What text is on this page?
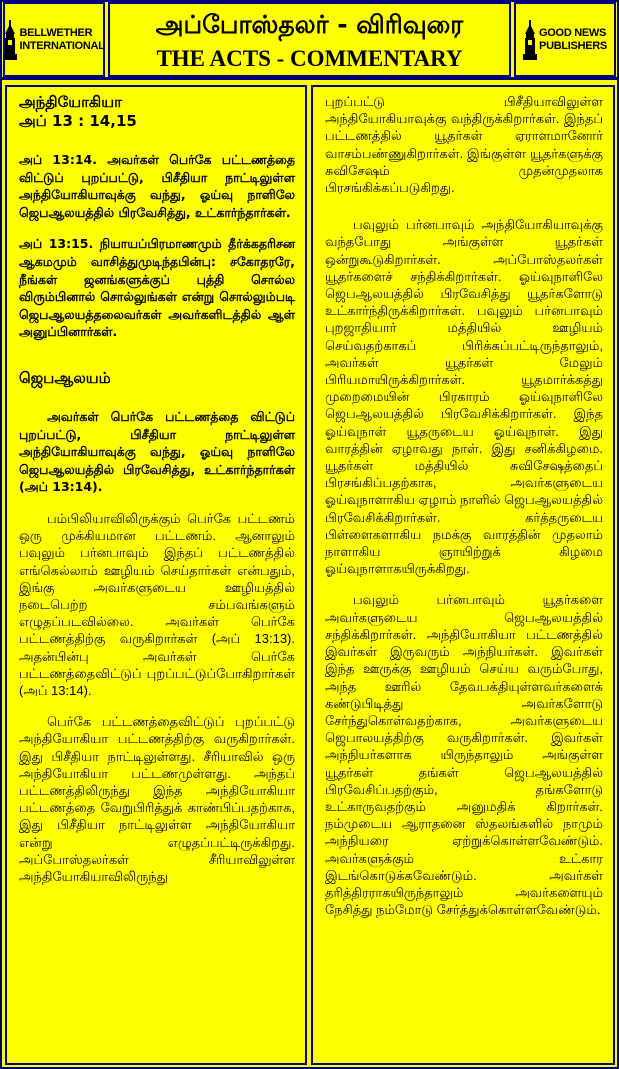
BELLWETHER
INTERNATIONAL
அப்போஸ்தலர் - விரிவுரை
THE ACTS - COMMENTARY
GOOD NEWS
PUBLISHERS
அந்தியோகியா
அப் 13 : 14,15
அப் 13:14. அவர்கள் பெர்கே பட்டணத்தை விட்டுப் புறப்பட்டு, பிசீதியா நாட்டிலுள்ள அந்தியோகியாவுக்கு வந்து, ஓய்வு நாளிலே ஜெபஆலயத்தில் பிரவேசித்து, உட்கார்ந்தார்கள்.
அப் 13:15. நியாயப்பிரமாணமும் தீர்க்கதரிசன ஆகமமும் வாசித்துமுடிந்தபின்பு: சகோதரரே, நீங்கள் ஜனங்களுக்குப் புத்தி சொல்ல விரும்பினால் சொல்லுங்கள் என்று சொல்லும்படி ஜெபஆலயத்தலைவர்கள் அவர்களிடத்தில் ஆள் அனுப்பினார்கள்.
ஜெபஆலயம்
அவர்கள் பெர்கே பட்டணத்தை விட்டுப் புறப்பட்டு, பிசீதியா நாட்டிலுள்ள அந்தியோகியாவுக்கு வந்து, ஓய்வு நாளிலே ஜெபஆலயத்தில் பிரவேசித்து, உட்கார்ந்தார்கள் (அப் 13:14).
பம்பிலியாவிலிருக்கும் பெர்கே பட்டணம் ஒரு முக்கியமான பட்டணம். ஆனாலும் பவுலும் பர்னபாவும் இந்தப் பட்டணத்தில் எங்கெல்லாம் ஊழியம் செய்தார்கள் என்பதும், இங்கு அவர்களுடைய ஊழியத்தில் நடைபெற்ற சம்பவங்களும் எழுதப்படவில்லை. அவர்கள் பெர்கே பட்டணத்திற்கு வருகிறார்கள் (அப் 13:13). அதன்பின்பு அவர்கள் பெர்கே பட்டணத்தைவிட்டுப் புறப்பட்டுப்போகிறார்கள் (அப் 13:14).
பெர்கே பட்டணத்தைவிட்டுப் புறப்பட்டு அந்தியோகியா பட்டணத்திற்கு வருகிறார்கள். இது பிசீதியா நாட்டிலுள்ளது. சீரியாவில் ஒரு அந்தியோகியா பட்டணமுள்ளது. அந்தப் பட்டணத்திலிருந்து இந்த அந்தியோகியா பட்டணத்தை வேறுபிரித்துக் காண்பிப்பதற்காக, இது பிசீதியா நாட்டிலுள்ள அந்தியோகியா என்று எழுதப்பட்டிருக்கிறது. அப்போஸ்தலர்கள் சீரியாவிலுள்ள அந்தியோகியாவிலிருந்து
புறப்பட்டு பிசீதியாவிலுள்ள அந்தியோகியாவுக்கு வந்திருக்கிறார்கள். இந்தப் பட்டணத்தில் யூதர்கள் ஏராளமானோர் வாசம்பண்ணுகிறார்கள். இங்குள்ள யூதர்களுக்கு சுவிசேஷம் முதன்முதலாக பிரசங்கிக்கப்படுகிறது.
பவுலும் பர்னபாவும் அந்தியோகியாவுக்கு வந்தபோது அங்குள்ள யூதர்கள் ஒன்றுகூடுகிறார்கள். அப்போஸ்தலர்கள் யூதர்களைச் சந்திக்கிறார்கள். ஓய்வுநாளிலே ஜெபஆலயத்தில் பிரவேசித்து யூதர்களோடு உட்கார்ந்திருக்கிறார்கள். பவுலும் பர்னபாவும் புறஜாதியார் மத்தியில் ஊழியம் செய்வதற்காகப் பிரிக்கப்பட்டிருந்தாலும், அவர்கள் யூதர்கள் மேலும் பிரியமாயிருக்கிறார்கள். யூதமார்க்கத்து முறைமையின் பிரகாரம் ஓய்வுநாளிலே ஜெபஆலயத்தில் பிரவேசிக்கிறார்கள். இந்த ஓய்வுநாள் யூதருடைய ஓய்வுநாள். இது வாரத்தின் ஏழாவது நாள். இது சனிக்கிழமை. யூதர்கள் மத்தியில் சுவிசேஷத்தைப் பிரசங்கிப்பதற்காக, அவர்களுடைய ஓய்வுநாளாகிய ஏழாம் நாளில் ஜெபஆலயத்தில் பிரவேசிக்கிறார்கள். கர்த்தருடைய பிள்ளைகளாகிய நமக்கு வாரத்தின் முதலாம் நாளாகிய ஞாயிற்றுக் கிழமை ஓய்வுநாளாகயிருக்கிறது.
பவுலும் பர்னபாவும் யூதர்களை அவர்களுடைய ஜெபஆலயத்தில் சந்திக்கிறார்கள். அந்தியோகியா பட்டணத்தில் இவர்கள் இருவரும் அந்நியர்கள். இவர்கள் இந்த ஊருக்கு ஊழியம் செய்ய வரும்போது, அந்த ஊரில் தேவபக்தியுள்ளவர்களைக் கண்டுபிடித்து அவர்களோடு சேர்ந்துகொள்வதற்காக, அவர்களுடைய ஜெபாலயத்திற்கு வருகிறார்கள். இவர்கள் அந்நியர்களாக யிருந்தாலும் அங்குள்ள யூதர்கள் தங்கள் ஜெபஆலயத்தில் பிரவேசிப்பதற்கும், தங்களோடு உட்காருவதற்கும் அனுமதிக் கிறார்கள். நம்முடைய ஆராதனை ஸ்தலங்களில் நாமும் அந்நியரை ஏற்றுக்கொள்ளவேண்டும். அவர்களுக்கும் உட்கார இடங்கொடுக்கவேண்டும். அவர்கள் தரித்திரராகயிருந்தாலும் அவர்களையும் நேசித்து நம்மோடு சேர்த்துக்கொள்ளவேண்டும்.
